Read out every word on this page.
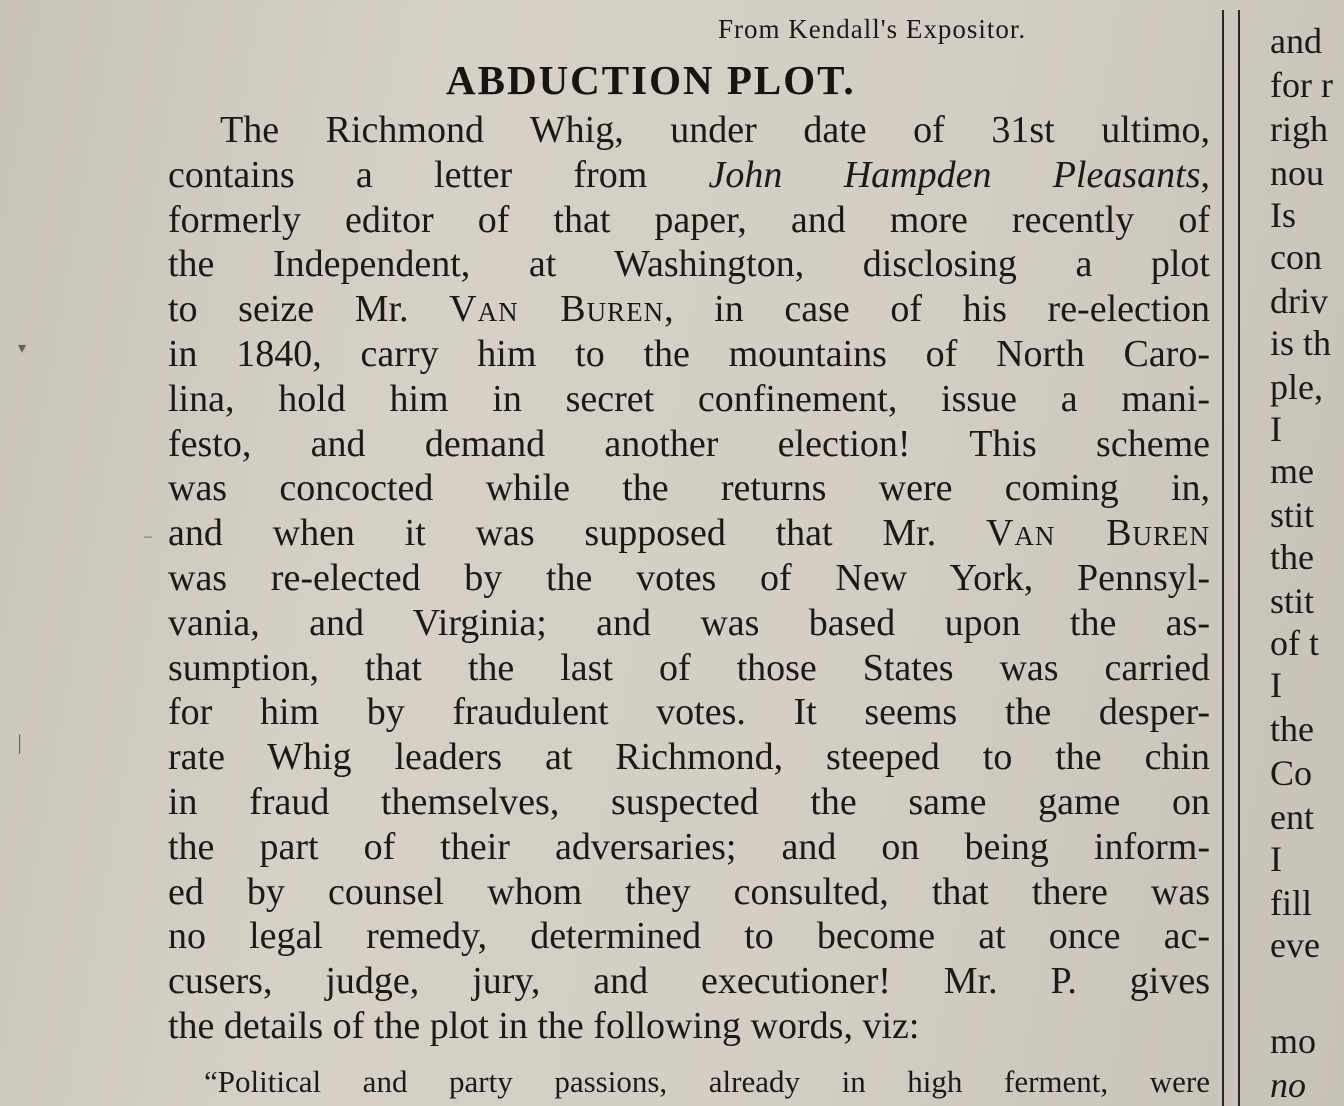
From Kendall's Expositor.
ABDUCTION PLOT.
The Richmond Whig, under date of 31st ultimo,
contains a letter from John Hampden Pleasants,
formerly editor of that paper, and more recently of
the Independent, at Washington, disclosing a plot
to seize Mr. Van Buren, in case of his re-election
in 1840, carry him to the mountains of North Caro-
lina, hold him in secret confinement, issue a mani-
festo, and demand another election! This scheme
was concocted while the returns were coming in,
and when it was supposed that Mr. Van Buren
was re-elected by the votes of New York, Pennsyl-
vania, and Virginia; and was based upon the as-
sumption, that the last of those States was carried
for him by fraudulent votes. It seems the desper-
rate Whig leaders at Richmond, steeped to the chin
in fraud themselves, suspected the same game on
the part of their adversaries; and on being inform-
ed by counsel whom they consulted, that there was
no legal remedy, determined to become at once ac-
cusers, judge, jury, and executioner! Mr. P. gives
the details of the plot in the following words, viz:
“Political and party passions, already in high ferment, were
and
for r
righ
nou
Is
con
driv
is th
ple,
I
me
stit
the
stit
of t
I
the
Co
ent
I
fill
eve
mo
no
▾
│
–
